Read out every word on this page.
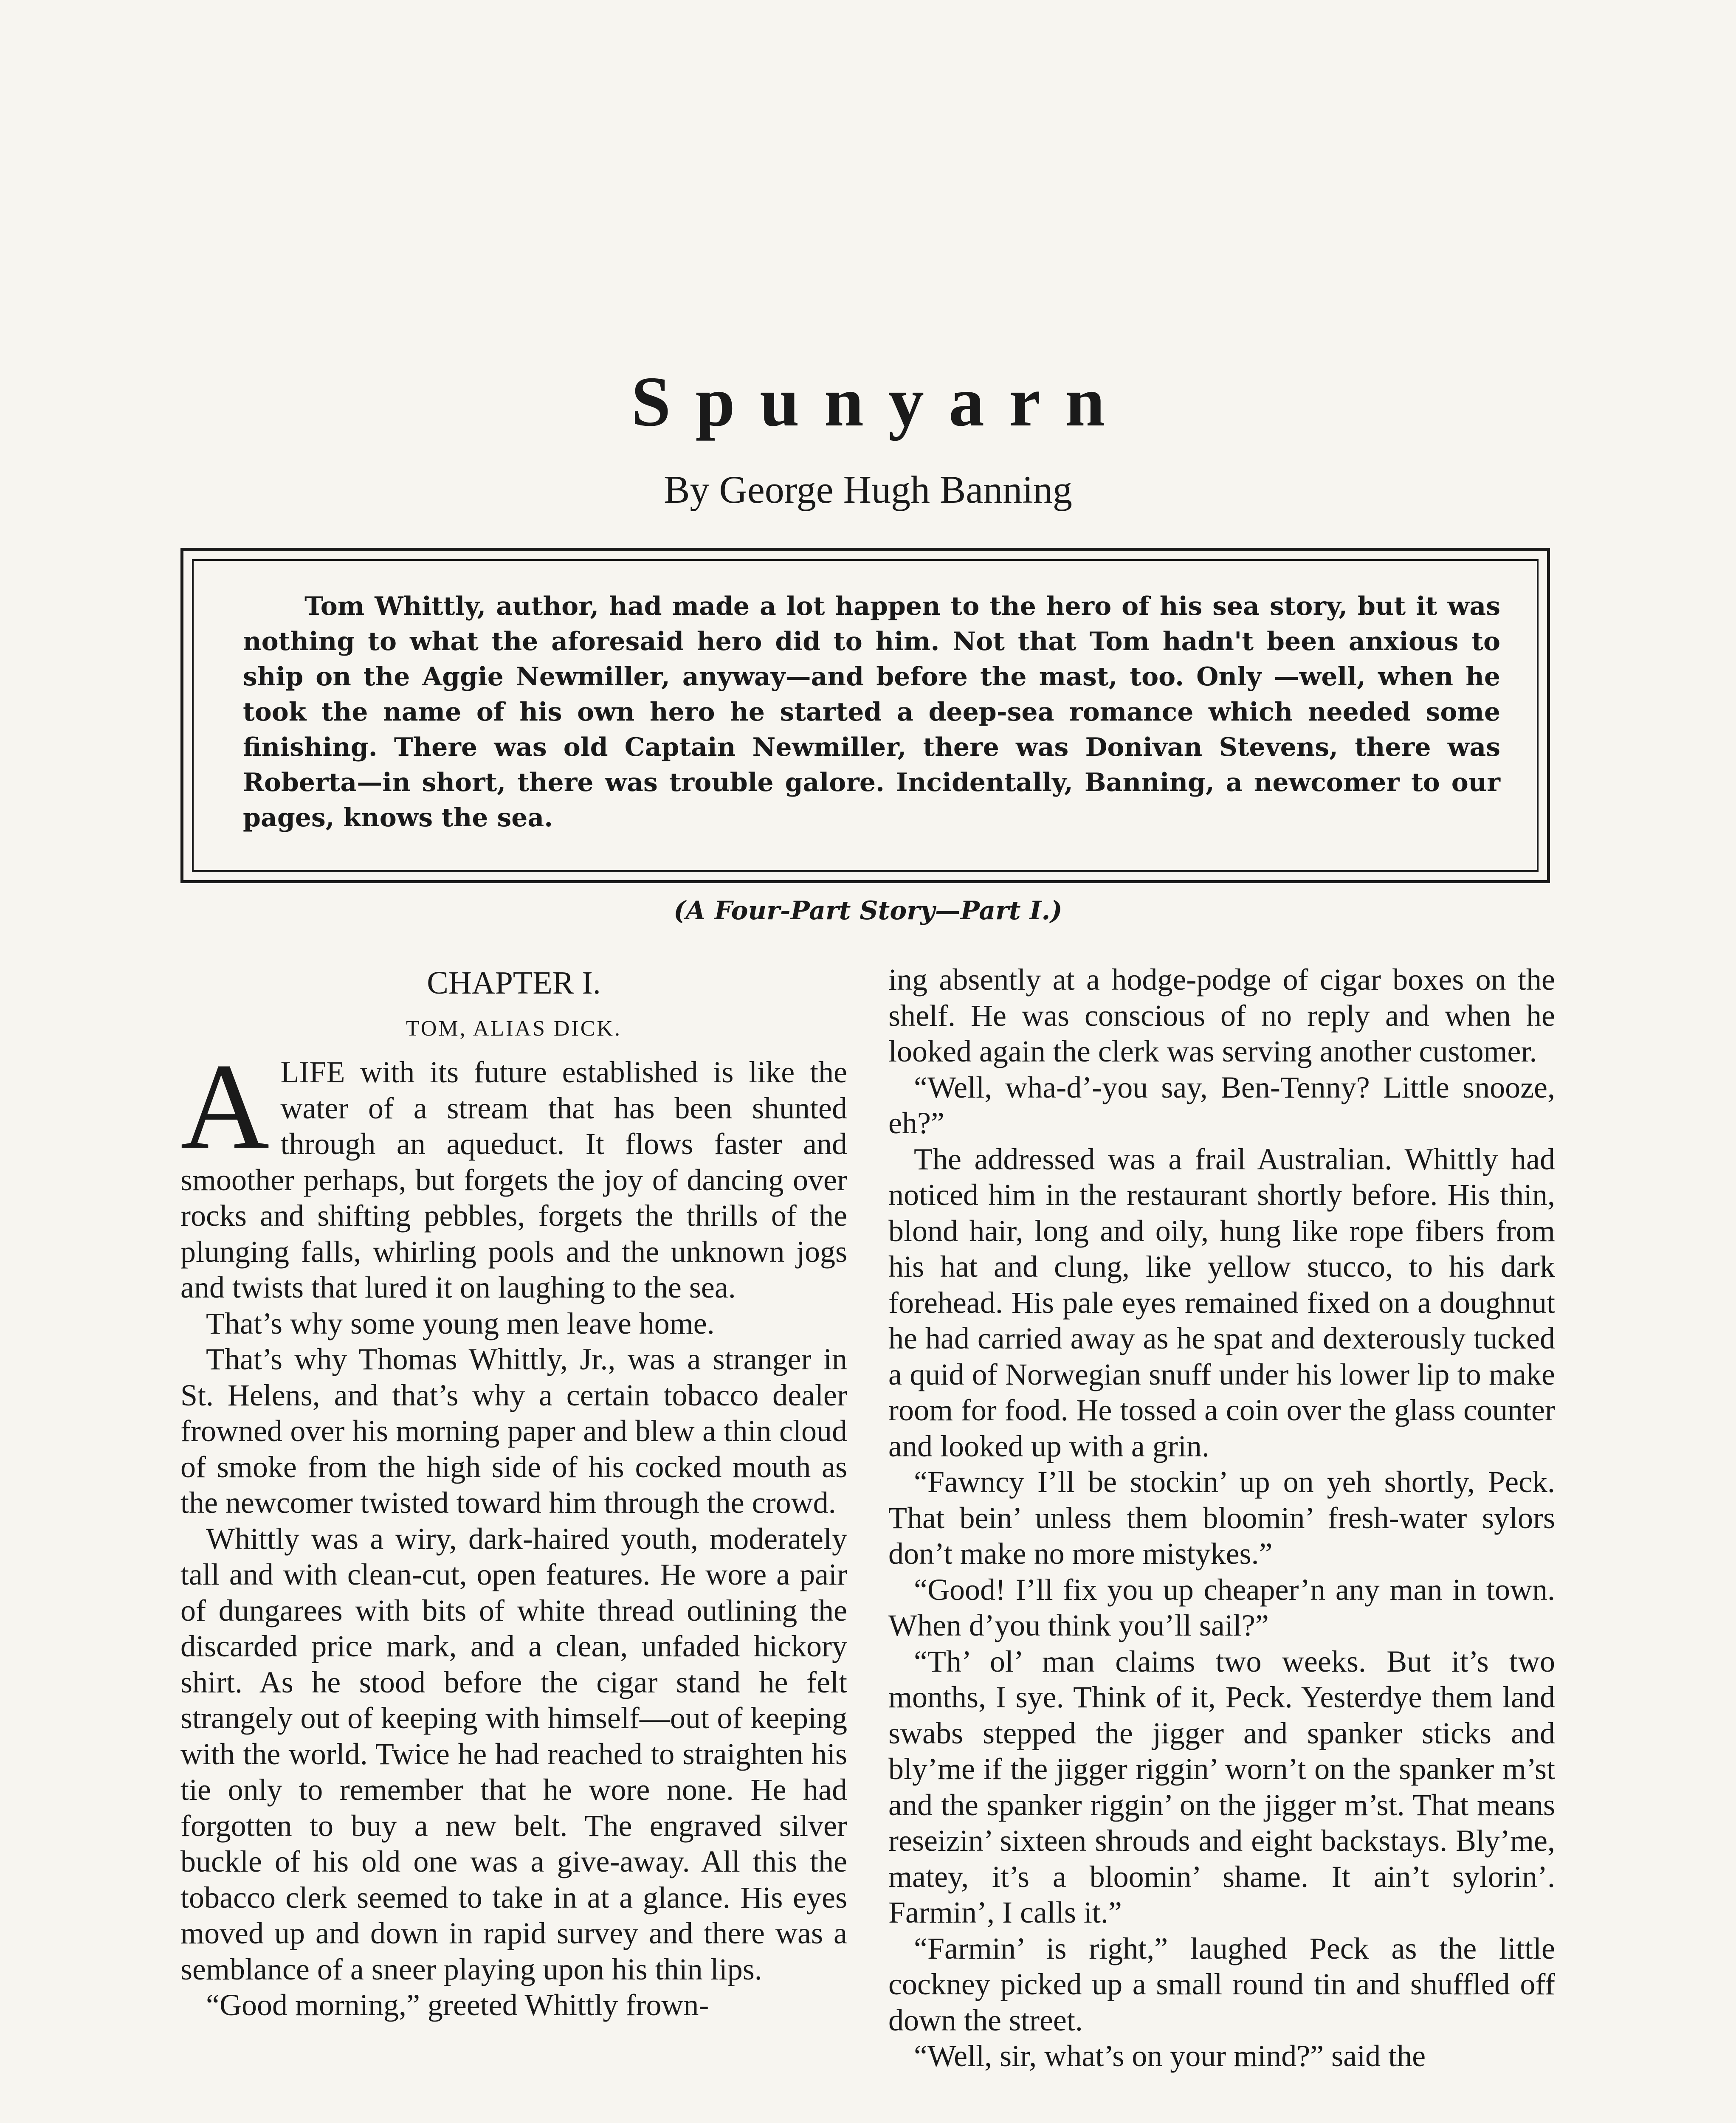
Spunyarn
By George Hugh Banning
Tom Whittly, author, had made a lot happen to the hero of his sea story, but it was nothing to what the aforesaid hero did to him. Not that Tom hadn't been anxious to ship on the Aggie Newmiller, anyway—and before the mast, too. Only —well, when he took the name of his own hero he started a deep-sea romance which needed some finishing. There was old Captain Newmiller, there was Donivan Stevens, there was Roberta—in short, there was trouble galore. Incidentally, Banning, a newcomer to our pages, knows the sea.
(A Four-Part Story—Part I.)
CHAPTER I.
TOM, ALIAS DICK.

ALIFE with its future established is like the water of a stream that has been shunted through an aqueduct. It flows faster and smoother perhaps, but forgets the joy of dancing over rocks and shifting pebbles, forgets the thrills of the plunging falls, whirling pools and the unknown jogs and twists that lured it on laughing to the sea.

That’s why some young men leave home.

That’s why Thomas Whittly, Jr., was a stranger in St. Helens, and that’s why a certain tobacco dealer frowned over his morning paper and blew a thin cloud of smoke from the high side of his cocked mouth as the newcomer twisted toward him through the crowd.

Whittly was a wiry, dark-haired youth, moderately tall and with clean-cut, open features. He wore a pair of dungarees with bits of white thread outlining the discarded price mark, and a clean, unfaded hickory shirt. As he stood before the cigar stand he felt strangely out of keeping with himself—out of keeping with the world. Twice he had reached to straighten his tie only to remember that he wore none. He had forgotten to buy a new belt. The engraved silver buckle of his old one was a give-away. All this the tobacco clerk seemed to take in at a glance. His eyes moved up and down in rapid survey and there was a semblance of a sneer playing upon his thin lips.

“Good morning,” greeted Whittly frown-

ing absently at a hodge-podge of cigar boxes on the shelf. He was conscious of no reply and when he looked again the clerk was serving another customer.

“Well, wha-d’-you say, Ben-Tenny? Little snooze, eh?”

The addressed was a frail Australian. Whittly had noticed him in the restaurant shortly before. His thin, blond hair, long and oily, hung like rope fibers from his hat and clung, like yellow stucco, to his dark forehead. His pale eyes remained fixed on a doughnut he had carried away as he spat and dexterously tucked a quid of Norwegian snuff under his lower lip to make room for food. He tossed a coin over the glass counter and looked up with a grin.

“Fawncy I’ll be stockin’ up on yeh shortly, Peck. That bein’ unless them bloomin’ fresh-water sylors don’t make no more mistykes.”

“Good! I’ll fix you up cheaper’n any man in town. When d’you think you’ll sail?”

“Th’ ol’ man claims two weeks. But it’s two months, I sye. Think of it, Peck. Yesterdye them land swabs stepped the jigger and spanker sticks and bly’me if the jigger riggin’ worn’t on the spanker m’st and the spanker riggin’ on the jigger m’st. That means reseizin’ sixteen shrouds and eight backstays. Bly’me, matey, it’s a bloomin’ shame. It ain’t sylorin’. Farmin’, I calls it.”

“Farmin’ is right,” laughed Peck as the little cockney picked up a small round tin and shuffled off down the street.

“Well, sir, what’s on your mind?” said the
